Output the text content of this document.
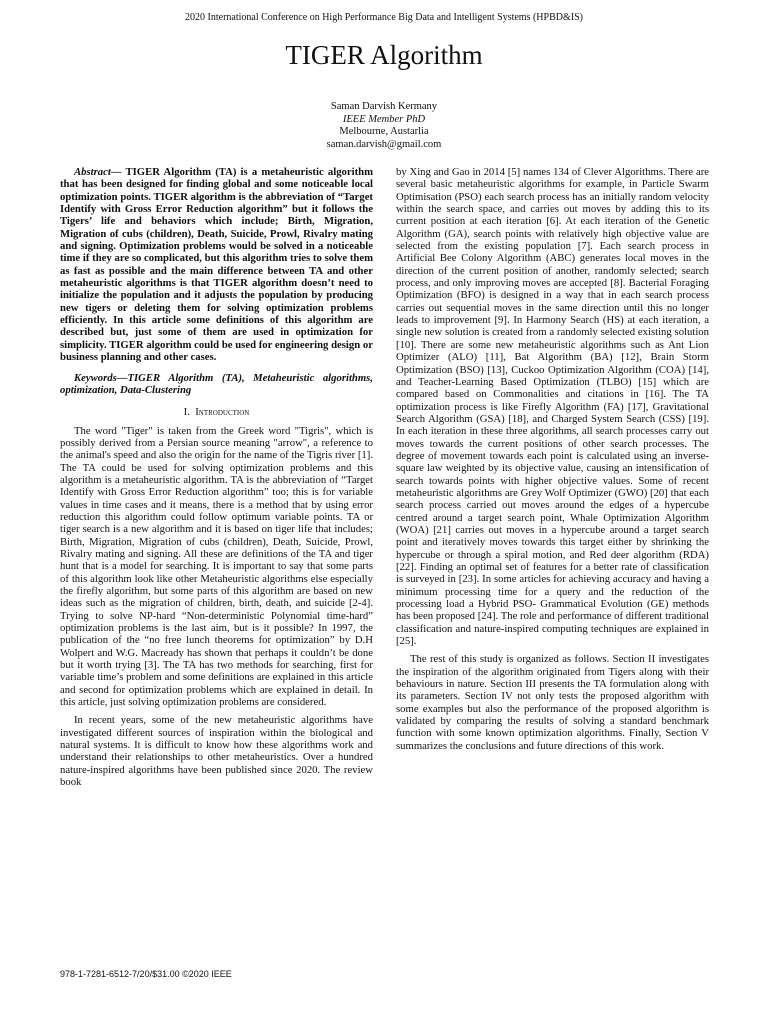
2020 International Conference on High Performance Big Data and Intelligent Systems (HPBD&IS)
TIGER Algorithm
Saman Darvish Kermany
IEEE Member PhD
Melbourne, Austarlia
saman.darvish@gmail.com

Abstract— TIGER Algorithm (TA) is a metaheuristic algorithm that has been designed for finding global and some noticeable local optimization points. TIGER algorithm is the abbreviation of “Target Identify with Gross Error Reduction algorithm” but it follows the Tigers’ life and behaviors which include; Birth, Migration, Migration of cubs (children), Death, Suicide, Prowl, Rivalry mating and signing. Optimization problems would be solved in a noticeable time if they are so complicated, but this algorithm tries to solve them as fast as possible and the main difference between TA and other metaheuristic algorithms is that TIGER algorithm doesn’t need to initialize the population and it adjusts the population by producing new tigers or deleting them for solving optimization problems efficiently. In this article some definitions of this algorithm are described but, just some of them are used in optimization for simplicity. TIGER algorithm could be used for engineering design or business planning and other cases.

Keywords—TIGER Algorithm (TA), Metaheuristic algorithms, optimization, Data-Clustering

I. Introduction

The word "Tiger" is taken from the Greek word "Tigris", which is possibly derived from a Persian source meaning "arrow", a reference to the animal's speed and also the origin for the name of the Tigris river [1]. The TA could be used for solving optimization problems and this algorithm is a metaheuristic algorithm. TA is the abbreviation of “Target Identify with Gross Error Reduction algorithm” too; this is for variable values in time cases and it means, there is a method that by using error reduction this algorithm could follow optimum variable points. TA or tiger search is a new algorithm and it is based on tiger life that includes; Birth, Migration, Migration of cubs (children), Death, Suicide, Prowl, Rivalry mating and signing. All these are definitions of the TA and tiger hunt that is a model for searching. It is important to say that some parts of this algorithm look like other Metaheuristic algorithms else especially the firefly algorithm, but some parts of this algorithm are based on new ideas such as the migration of children, birth, death, and suicide [2-4]. Trying to solve NP-hard “Non-deterministic Polynomial time-hard” optimization problems is the last aim, but is it possible? In 1997, the publication of the “no free lunch theorems for optimization” by D.H Wolpert and W.G. Macready has shown that perhaps it couldn’t be done but it worth trying [3]. The TA has two methods for searching, first for variable time’s problem and some definitions are explained in this article and second for optimization problems which are explained in detail. In this article, just solving optimization problems are considered.

In recent years, some of the new metaheuristic algorithms have investigated different sources of inspiration within the biological and natural systems. It is difficult to know how these algorithms work and understand their relationships to other metaheuristics. Over a hundred nature-inspired algorithms have been published since 2020. The review book

by Xing and Gao in 2014 [5] names 134 of Clever Algorithms. There are several basic metaheuristic algorithms for example, in Particle Swarm Optimisation (PSO) each search process has an initially random velocity within the search space, and carries out moves by adding this to its current position at each iteration [6]. At each iteration of the Genetic Algorithm (GA), search points with relatively high objective value are selected from the existing population [7]. Each search process in Artificial Bee Colony Algorithm (ABC) generates local moves in the direction of the current position of another, randomly selected; search process, and only improving moves are accepted [8]. Bacterial Foraging Optimization (BFO) is designed in a way that in each search process carries out sequential moves in the same direction until this no longer leads to improvement [9]. In Harmony Search (HS) at each iteration, a single new solution is created from a randomly selected existing solution [10]. There are some new metaheuristic algorithms such as Ant Lion Optimizer (ALO) [11], Bat Algorithm (BA) [12], Brain Storm Optimization (BSO) [13], Cuckoo Optimization Algorithm (COA) [14], and Teacher-Learning Based Optimization (TLBO) [15] which are compared based on Commonalities and citations in [16]. The TA optimization process is like Firefly Algorithm (FA) [17], Gravitational Search Algorithm (GSA) [18], and Charged System Search (CSS) [19]. In each iteration in these three algorithms, all search processes carry out moves towards the current positions of other search processes. The degree of movement towards each point is calculated using an inverse-square law weighted by its objective value, causing an intensification of search towards points with higher objective values. Some of recent metaheuristic algorithms are Grey Wolf Optimizer (GWO) [20] that each search process carried out moves around the edges of a hypercube centred around a target search point, Whale Optimization Algorithm (WOA) [21] carries out moves in a hypercube around a target search point and iteratively moves towards this target either by shrinking the hypercube or through a spiral motion, and Red deer algorithm (RDA) [22]. Finding an optimal set of features for a better rate of classification is surveyed in [23]. In some articles for achieving accuracy and having a minimum processing time for a query and the reduction of the processing load a Hybrid PSO- Grammatical Evolution (GE) methods has been proposed [24]. The role and performance of different traditional classification and nature-inspired computing techniques are explained in [25].

The rest of this study is organized as follows. Section II investigates the inspiration of the algorithm originated from Tigers along with their behaviours in nature. Section III presents the TA formulation along with its parameters. Section IV not only tests the proposed algorithm with some examples but also the performance of the proposed algorithm is validated by comparing the results of solving a standard benchmark function with some known optimization algorithms. Finally, Section V summarizes the conclusions and future directions of this work.

978-1-7281-6512-7/20/$31.00 ©2020 IEEE
